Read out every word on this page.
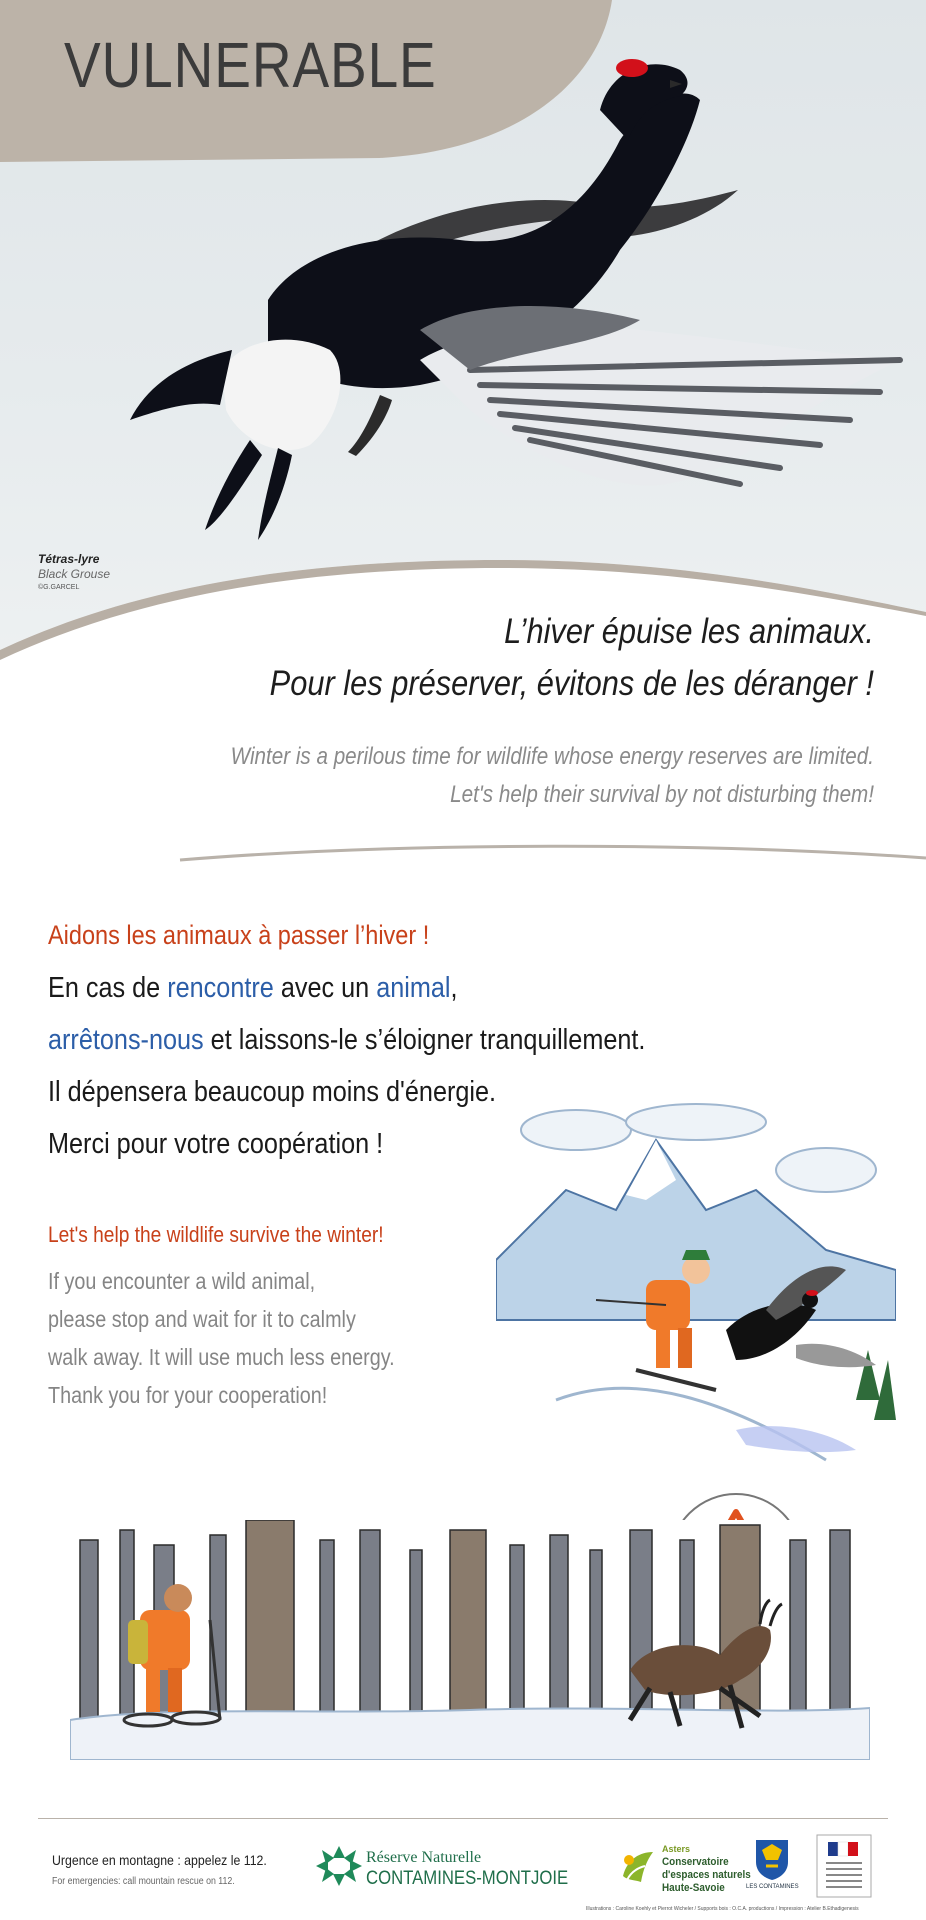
VULNERABLE
Tétras-lyre
Black Grouse
©G.GARCEL
L’hiver épuise les animaux.
Pour les préserver, évitons de les déranger !
Winter is a perilous time for wildlife whose energy reserves are limited.
Let's help their survival by not disturbing them!
Aidons les animaux à passer l’hiver !
En cas de rencontre avec un animal,
arrêtons-nous et laissons-le s’éloigner tranquillement.
Il dépensera beaucoup moins d'énergie.
Merci pour votre coopération !
Let's help the wildlife survive the winter!
If you encounter a wild animal,
please stop and wait for it to calmly
walk away. It will use much less energy.
Thank you for your cooperation!
Urgence en montagne : appelez le 112.
For emergencies: call mountain rescue on 112.
Réserve Naturelle
CONTAMINES-MONTJOIE
Asters
Conservatoire
d'espaces naturels
Haute-Savoie	LES CONTAMINES
Illustrations : Caroline Koehly et Pierrot Wicheler / Supports bois : O.C.A. productions / Impression : Atelier B.Ethadigenesis
